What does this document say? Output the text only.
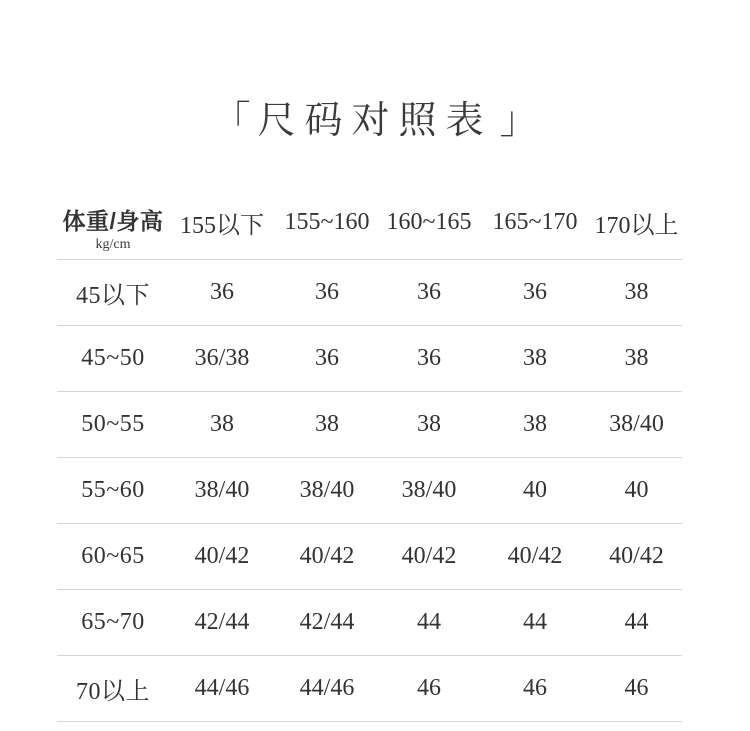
「 尺码对照表 」
体重/身高
kg/cm
155以下 155~160 160~165 165~170 170以上
45以下	36	36	36	36	38
45~50	36/38	36	36	38	38
50~55	38	38	38	38	38/40
55~60	38/40	38/40	38/40	40	40
60~65	40/42	40/42	40/42	40/42	40/42
65~70	42/44	42/44	44	44	44
70以上	44/46	44/46	46	46	46
